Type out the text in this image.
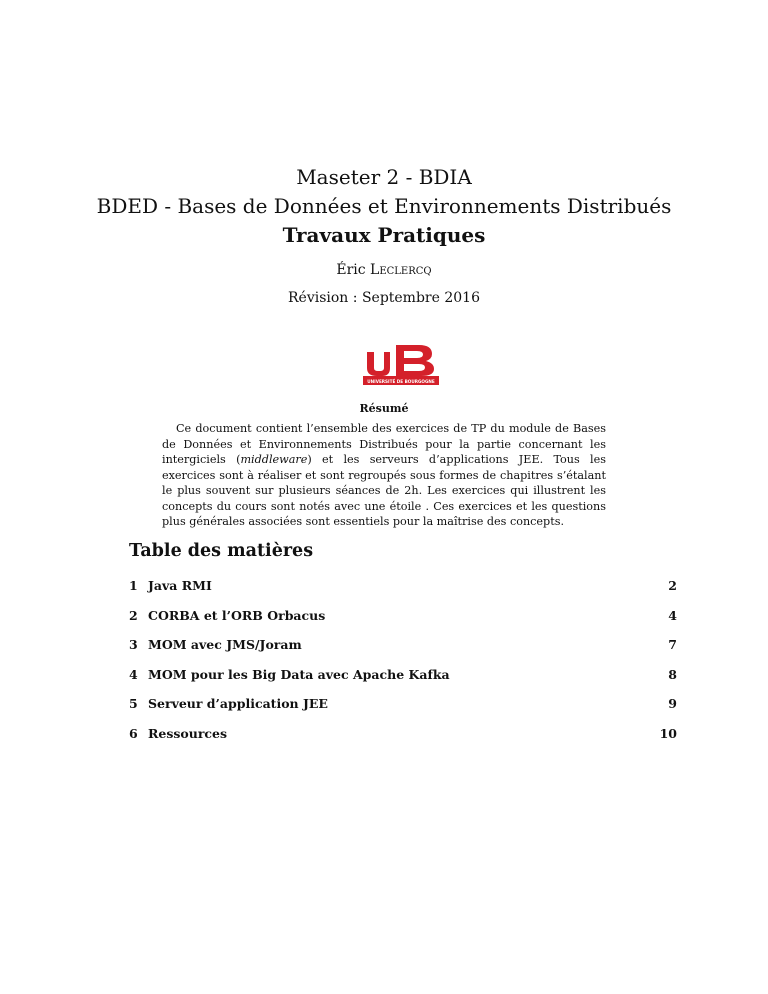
Maseter 2 - BDIA
BDED - Bases de Données et Environnements Distribués
Travaux Pratiques
Éric Leclercq
Révision : Septembre 2016
UNIVERSITÉ DE BOURGOGNE
Résumé
Ce document contient l’ensemble des exercices de TP du module de Bases de Données et Environnements Distribués pour la partie concernant les intergiciels (middleware) et les serveurs d’applications JEE. Tous les exercices sont à réaliser et sont regroupés sous formes de chapitres s’étalant le plus souvent sur plusieurs séances de 2h. Les exercices qui illustrent les concepts du cours sont notés avec une étoile . Ces exercices et les questions plus générales associées sont essentiels pour la maîtrise des concepts.
Table des matières
1 Java RMI	2
2 CORBA et l’ORB Orbacus	4
3 MOM avec JMS/Joram	7
4 MOM pour les Big Data avec Apache Kafka	8
5 Serveur d’application JEE	9
6 Ressources	10
